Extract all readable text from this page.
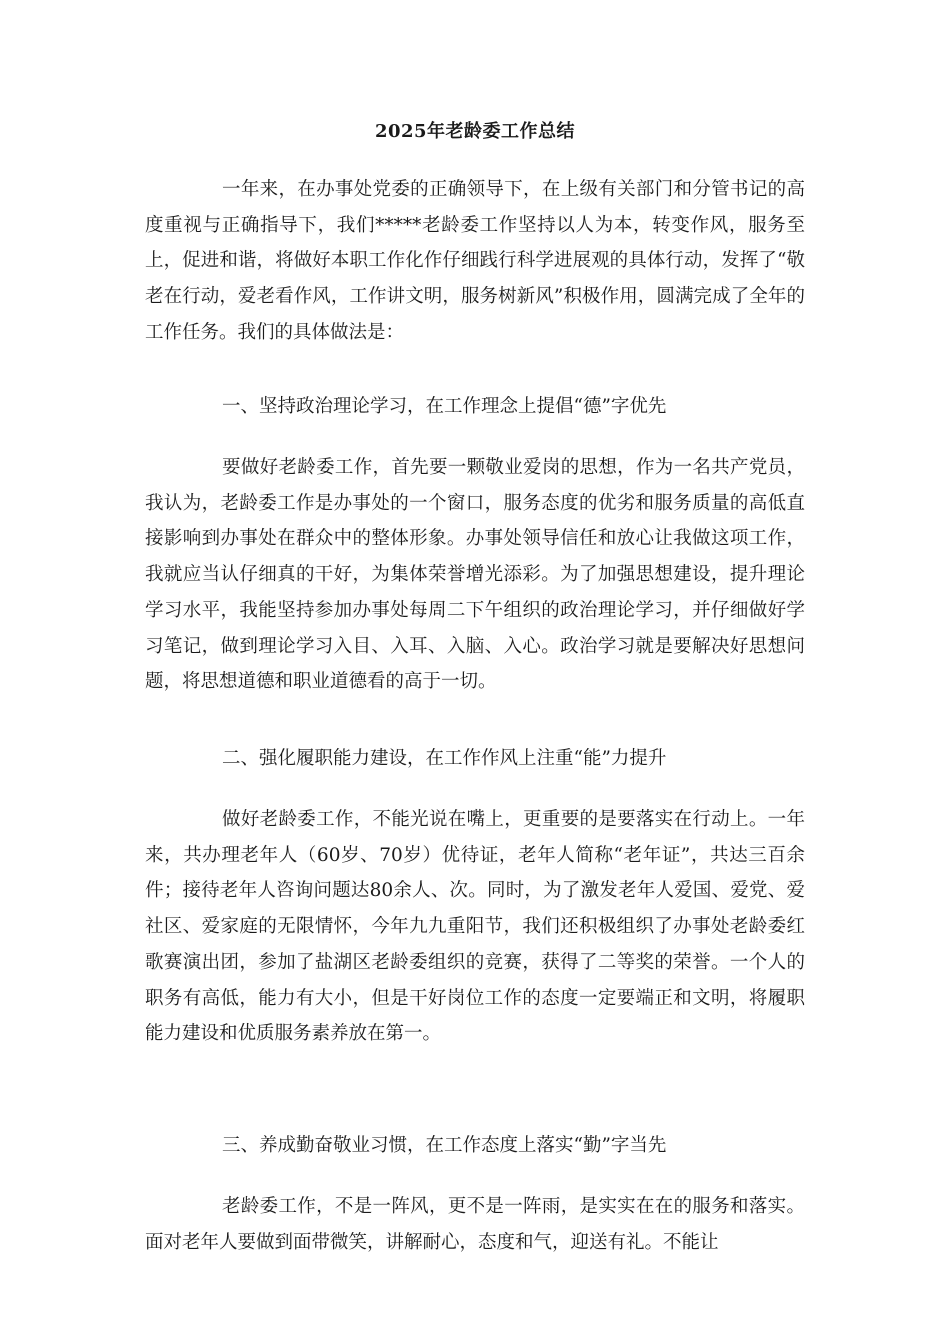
2025年老龄委工作总结

一年来，在办事处党委的正确领导下，在上级有关部门和分管书记的高度重视与正确指导下，我们*****老龄委工作坚持以人为本，转变作风，服务至上，促进和谐，将做好本职工作化作仔细践行科学进展观的具体行动，发挥了“敬老在行动，爱老看作风，工作讲文明，服务树新风”积极作用，圆满完成了全年的工作任务。我们的具体做法是：

一、坚持政治理论学习，在工作理念上提倡“德”字优先

要做好老龄委工作，首先要一颗敬业爱岗的思想，作为一名共产党员，我认为，老龄委工作是办事处的一个窗口，服务态度的优劣和服务质量的高低直接影响到办事处在群众中的整体形象。办事处领导信任和放心让我做这项工作，我就应当认仔细真的干好，为集体荣誉增光添彩。为了加强思想建设，提升理论学习水平，我能坚持参加办事处每周二下午组织的政治理论学习，并仔细做好学习笔记，做到理论学习入目、入耳、入脑、入心。政治学习就是要解决好思想问题，将思想道德和职业道德看的高于一切。

二、强化履职能力建设，在工作作风上注重“能”力提升

做好老龄委工作，不能光说在嘴上，更重要的是要落实在行动上。一年来，共办理老年人（60岁、70岁）优待证，老年人简称“老年证”，共达三百余件；接待老年人咨询问题达80余人、次。同时，为了激发老年人爱国、爱党、爱社区、爱家庭的无限情怀，今年九九重阳节，我们还积极组织了办事处老龄委红歌赛演出团，参加了盐湖区老龄委组织的竞赛，获得了二等奖的荣誉。一个人的职务有高低，能力有大小，但是干好岗位工作的态度一定要端正和文明，将履职能力建设和优质服务素养放在第一。

三、养成勤奋敬业习惯，在工作态度上落实“勤”字当先

老龄委工作，不是一阵风，更不是一阵雨，是实实在在的服务和落实。面对老年人要做到面带微笑，讲解耐心，态度和气，迎送有礼。不能让
